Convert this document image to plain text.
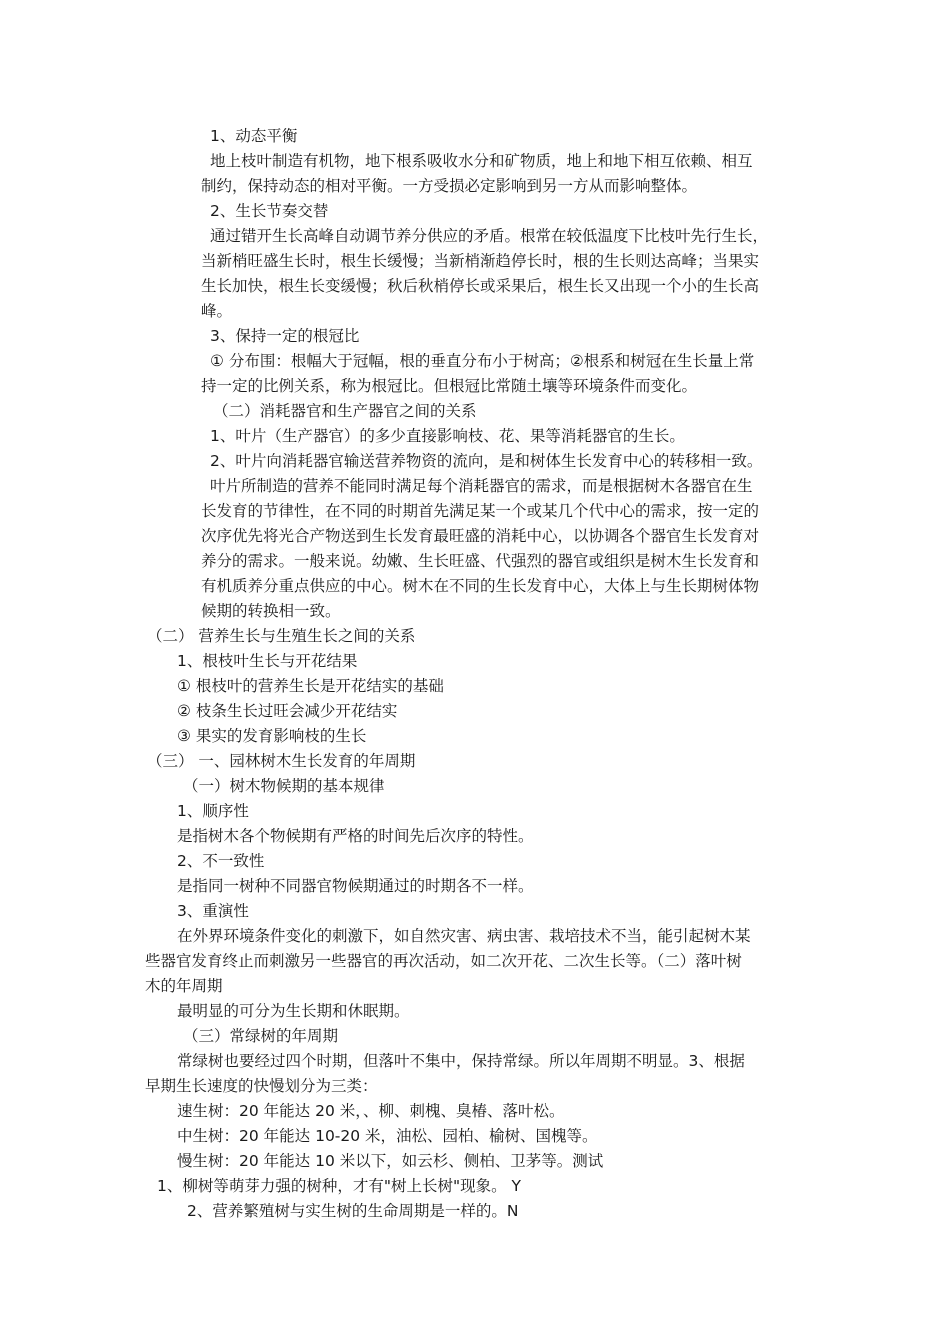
1、动态平衡
地上枝叶制造有机物，地下根系吸收水分和矿物质，地上和地下相互依赖、相互
制约，保持动态的相对平衡。一方受损必定影响到另一方从而影响整体。
2、生长节奏交替
通过错开生长高峰自动调节养分供应的矛盾。根常在较低温度下比枝叶先行生长，
当新梢旺盛生长时，根生长缓慢；当新梢渐趋停长时，根的生长则达高峰；当果实
生长加快，根生长变缓慢；秋后秋梢停长或采果后，根生长又出现一个小的生长高
峰。
3、保持一定的根冠比
① 分布围：根幅大于冠幅，根的垂直分布小于树高；②根系和树冠在生长量上常
持一定的比例关系，称为根冠比。但根冠比常随土壤等环境条件而变化。
（二）消耗器官和生产器官之间的关系
1、叶片（生产器官）的多少直接影响枝、花、果等消耗器官的生长。
2、叶片向消耗器官输送营养物资的流向，是和树体生长发育中心的转移相一致。
叶片所制造的营养不能同时满足每个消耗器官的需求，而是根据树木各器官在生
长发育的节律性，在不同的时期首先满足某一个或某几个代中心的需求，按一定的
次序优先将光合产物送到生长发育最旺盛的消耗中心，以协调各个器官生长发育对
养分的需求。一般来说。幼嫩、生长旺盛、代强烈的器官或组织是树木生长发育和
有机质养分重点供应的中心。树木在不同的生长发育中心，大体上与生长期树体物
候期的转换相一致。
（二） 营养生长与生殖生长之间的关系
1、根枝叶生长与开花结果
① 根枝叶的营养生长是开花结实的基础
② 枝条生长过旺会减少开花结实
③ 果实的发育影响枝的生长
（三） 一、园林树木生长发育的年周期
（一）树木物候期的基本规律
1、顺序性
是指树木各个物候期有严格的时间先后次序的特性。
2、不一致性
是指同一树种不同器官物候期通过的时期各不一样。
3、重演性
在外界环境条件变化的刺激下，如自然灾害、病虫害、栽培技术不当，能引起树木某
些器官发育终止而刺激另一些器官的再次活动，如二次开花、二次生长等。（二）落叶树
木的年周期
最明显的可分为生长期和休眠期。
（三）常绿树的年周期
常绿树也要经过四个时期，但落叶不集中，保持常绿。所以年周期不明显。3、根据
早期生长速度的快慢划分为三类：
速生树：20 年能达 20 米，、柳、刺槐、臭椿、落叶松。
中生树：20 年能达 10-20 米，油松、园柏、榆树、国槐等。
慢生树：20 年能达 10 米以下，如云杉、侧柏、卫茅等。测试
1、柳树等萌芽力强的树种，才有"树上长树"现象。 Y
2、营养繁殖树与实生树的生命周期是一样的。N
